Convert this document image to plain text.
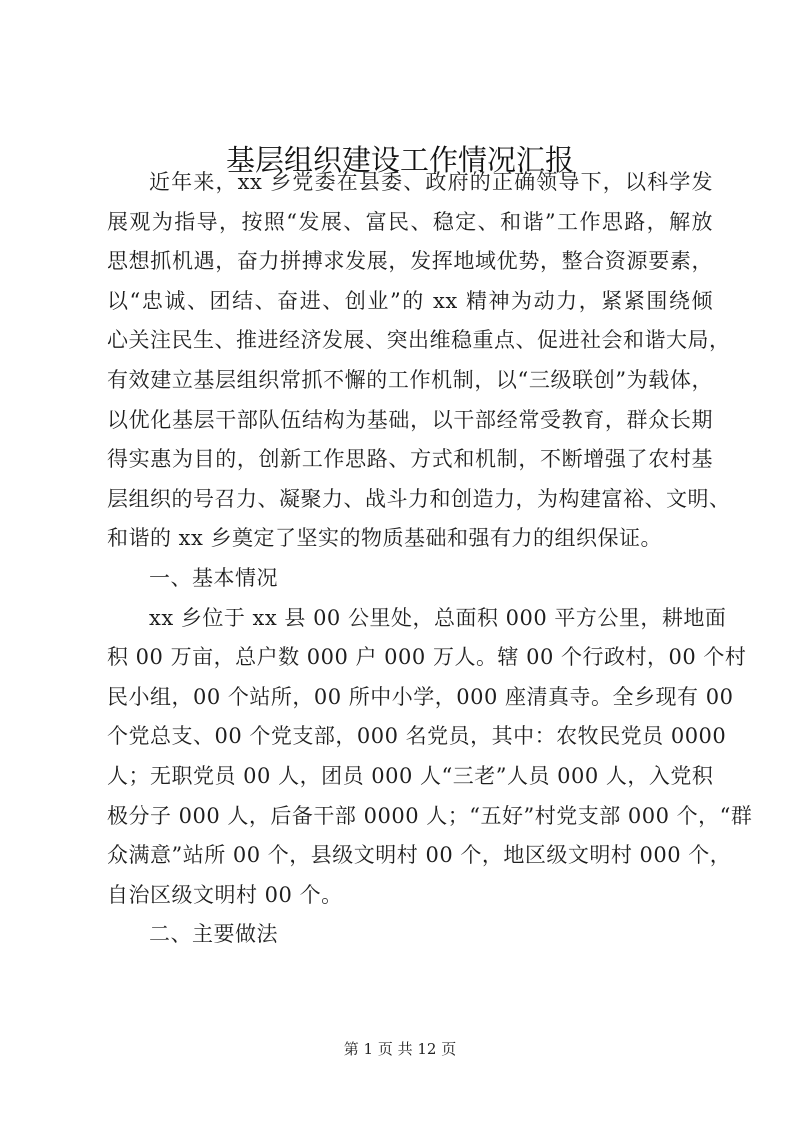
基层组织建设工作情况汇报
近年来，xx 乡党委在县委、政府的正确领导下，以科学发
展观为指导，按照“发展、富民、稳定、和谐”工作思路，解放
思想抓机遇，奋力拼搏求发展，发挥地域优势，整合资源要素，
以“忠诚、团结、奋进、创业”的 xx 精神为动力，紧紧围绕倾
心关注民生、推进经济发展、突出维稳重点、促进社会和谐大局，
有效建立基层组织常抓不懈的工作机制，以“三级联创”为载体，
以优化基层干部队伍结构为基础，以干部经常受教育，群众长期
得实惠为目的，创新工作思路、方式和机制，不断增强了农村基
层组织的号召力、凝聚力、战斗力和创造力，为构建富裕、文明、
和谐的 xx 乡奠定了坚实的物质基础和强有力的组织保证。
一、基本情况
xx 乡位于 xx 县 00 公里处，总面积 000 平方公里，耕地面
积 00 万亩，总户数 000 户 000 万人。辖 00 个行政村，00 个村
民小组，00 个站所，00 所中小学，000 座清真寺。全乡现有 00
个党总支、00 个党支部，000 名党员，其中：农牧民党员 0000
人；无职党员 00 人，团员 000 人“三老”人员 000 人，入党积
极分子 000 人，后备干部 0000 人；“五好”村党支部 000 个，“群
众满意”站所 00 个，县级文明村 00 个，地区级文明村 000 个，
自治区级文明村 00 个。
二、主要做法
第 1 页 共 12 页
